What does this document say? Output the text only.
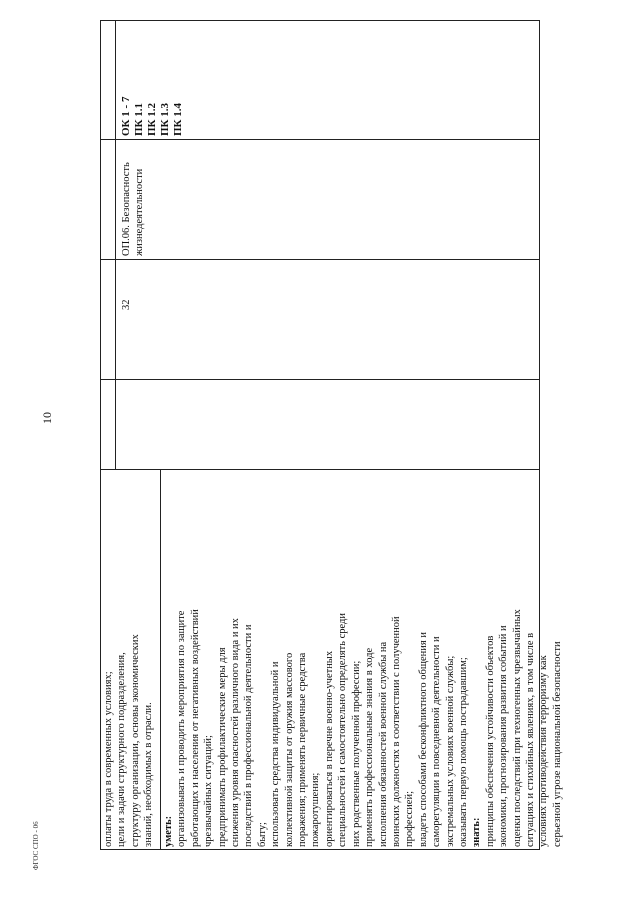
10
ФГОС СПО - 06	оплаты труда в современных условиях; цели и задачи структурного подразделения, структуру организации, основы экономических знаний, необходимых в отрасли. уметь: организовывать и проводить мероприятия по защите работающих и населения от негативных воздействий чрезвычайных ситуаций; предпринимать профилактические меры для снижения уровня опасностей различного вида и их последствий в профессиональной деятельности и быту; использовать средства индивидуальной и коллективной защиты от оружия массового поражения; применять первичные средства пожаротушения; ориентироваться в перечне военно-учетных специальностей и самостоятельно определять среди них родственные полученной профессии; применять профессиональные знания в ходе исполнения обязанностей военной службы на воинских должностях в соответствии с полученной профессией; владеть способами бесконфликтного общения и саморегуляции в повседневной деятельности и экстремальных условиях военной службы; оказывать первую помощь пострадавшим; знать: принципы обеспечения устойчивости объектов экономики, прогнозирования развития событий и оценки последствий при техногенных чрезвычайных ситуациях и стихийных явлениях, в том числе в условиях противодействия терроризму как серьезной угрозе национальной безопасности
32
ОП.06. Безопасность жизнедеятельности
ОК 1 - 7 ПК 1.1 ПК 1.2 ПК 1.3 ПК 1.4
